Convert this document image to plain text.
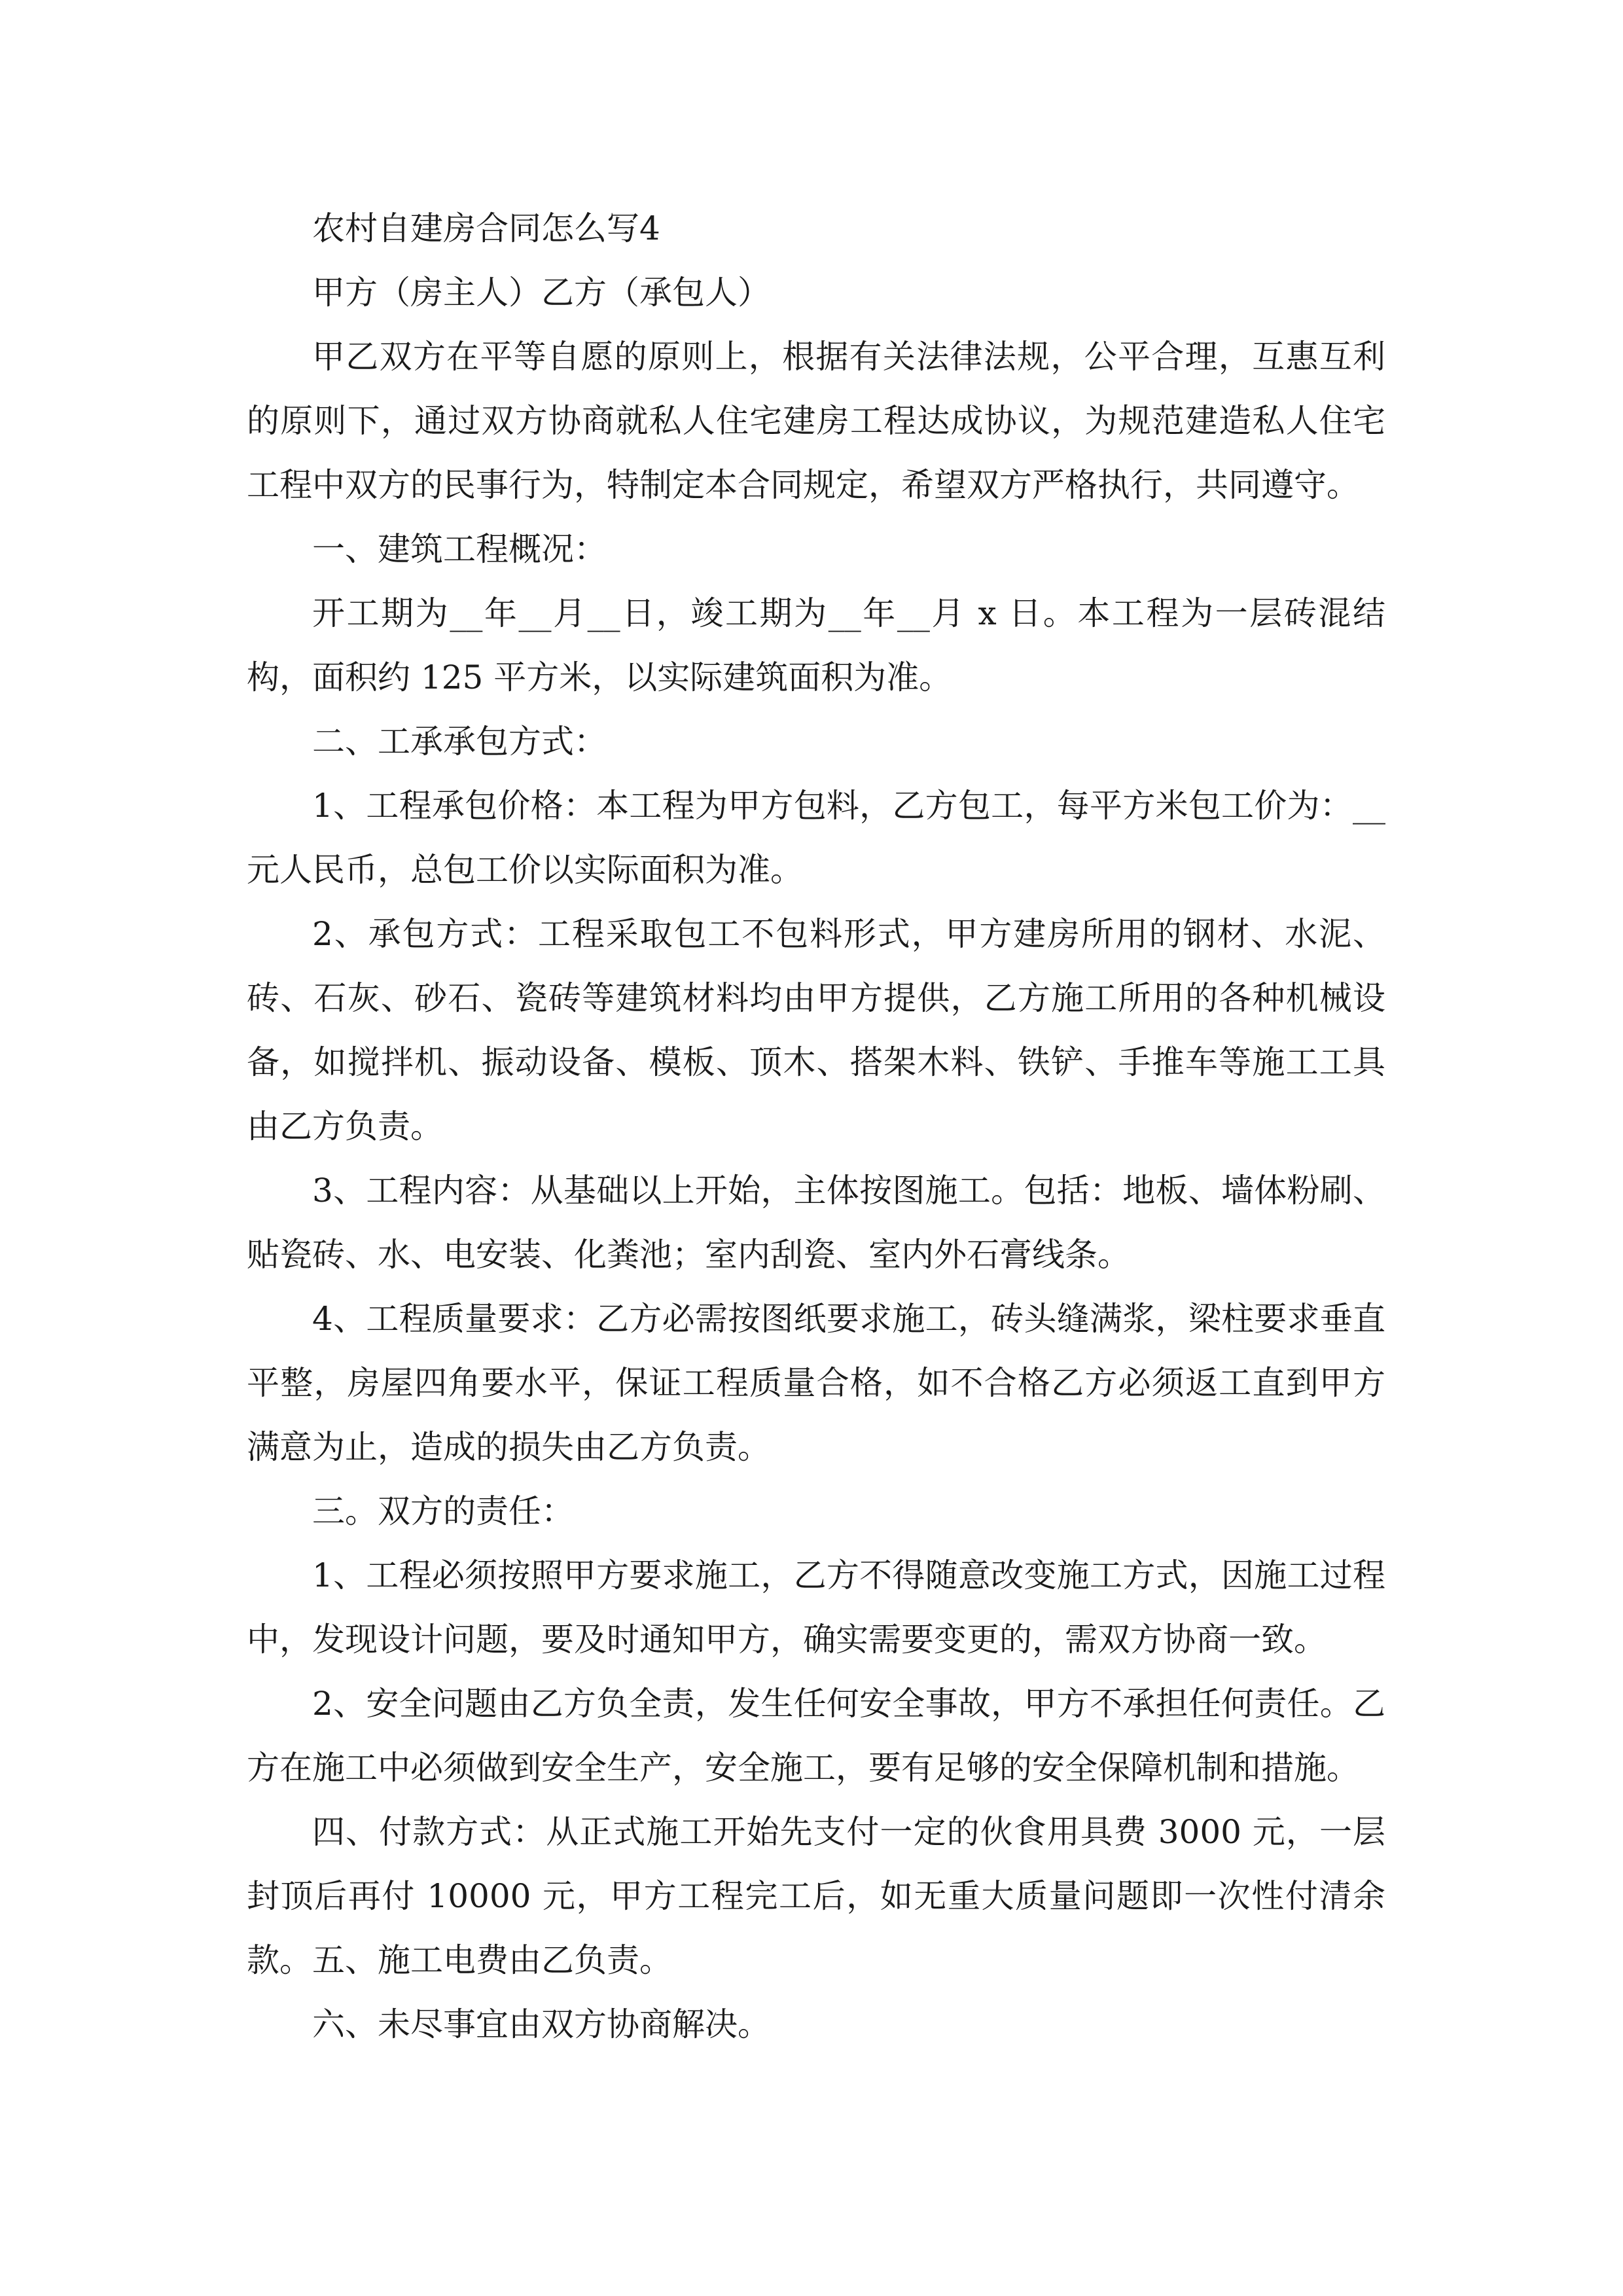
农村自建房合同怎么写4

甲方（房主人）乙方（承包人）

甲乙双方在平等自愿的原则上，根据有关法律法规，公平合理，互惠互利的原则下，通过双方协商就私人住宅建房工程达成协议，为规范建造私人住宅工程中双方的民事行为，特制定本合同规定，希望双方严格执行，共同遵守。

一、建筑工程概况：

开工期为__年__月__日，竣工期为__年__月 x 日。本工程为一层砖混结构，面积约 125 平方米，以实际建筑面积为准。

二、工承承包方式：

1、工程承包价格：本工程为甲方包料，乙方包工，每平方米包工价为：__元人民币，总包工价以实际面积为准。

2、承包方式：工程采取包工不包料形式，甲方建房所用的钢材、水泥、砖、石灰、砂石、瓷砖等建筑材料均由甲方提供，乙方施工所用的各种机械设备，如搅拌机、振动设备、模板、顶木、搭架木料、铁铲、手推车等施工工具由乙方负责。

3、工程内容：从基础以上开始，主体按图施工。包括：地板、墙体粉刷、贴瓷砖、水、电安装、化粪池；室内刮瓷、室内外石膏线条。

4、工程质量要求：乙方必需按图纸要求施工，砖头缝满浆，梁柱要求垂直平整，房屋四角要水平，保证工程质量合格，如不合格乙方必须返工直到甲方满意为止，造成的损失由乙方负责。

三。双方的责任：

1、工程必须按照甲方要求施工，乙方不得随意改变施工方式，因施工过程中，发现设计问题，要及时通知甲方，确实需要变更的，需双方协商一致。

2、安全问题由乙方负全责，发生任何安全事故，甲方不承担任何责任。乙方在施工中必须做到安全生产，安全施工，要有足够的安全保障机制和措施。

四、付款方式：从正式施工开始先支付一定的伙食用具费 3000 元，一层封顶后再付 10000 元，甲方工程完工后，如无重大质量问题即一次性付清余款。五、施工电费由乙负责。

六、未尽事宜由双方协商解决。
